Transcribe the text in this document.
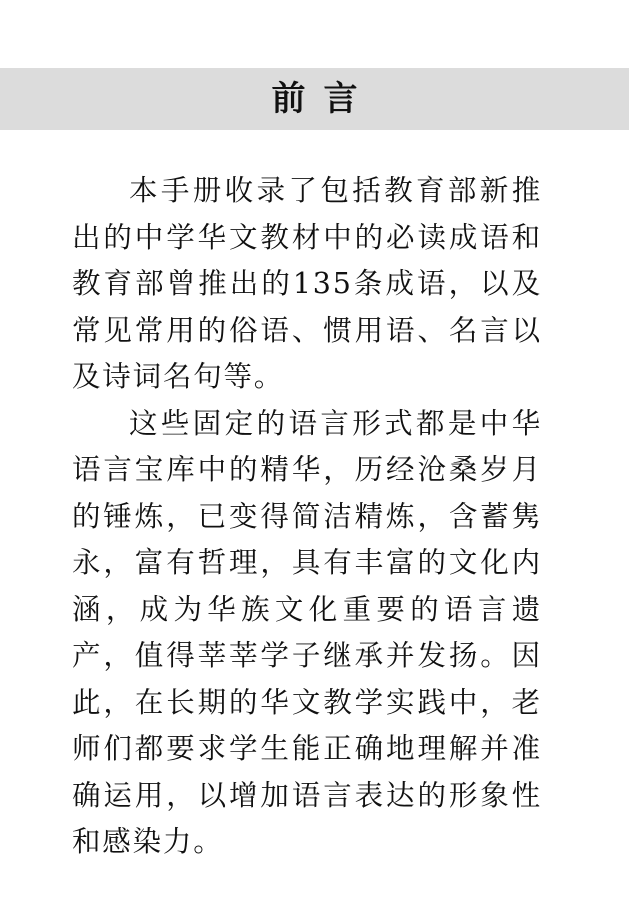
前言

本手册收录了包括教育部新推出的中学华文教材中的必读成语和教育部曾推出的135条成语，以及常见常用的俗语、惯用语、名言以及诗词名句等。

这些固定的语言形式都是中华语言宝库中的精华，历经沧桑岁月的锤炼，已变得简洁精炼，含蓄隽永，富有哲理，具有丰富的文化内涵，成为华族文化重要的语言遗产，值得莘莘学子继承并发扬。因此，在长期的华文教学实践中，老师们都要求学生能正确地理解并准确运用，以增加语言表达的形象性和感染力。
